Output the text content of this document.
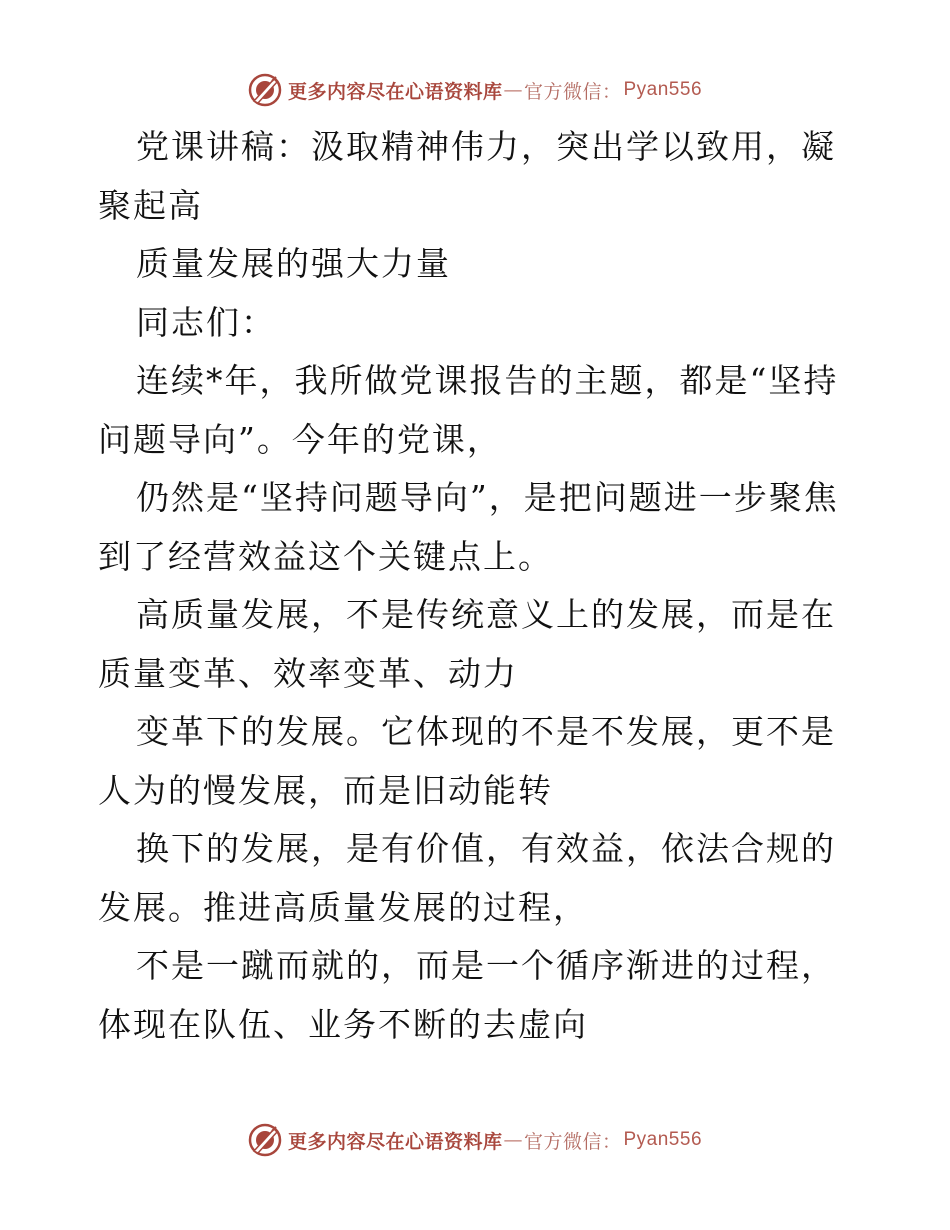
更多内容尽在心语资料库 — 官方微信： Pyan556

党课讲稿：汲取精神伟力，突出学以致用，凝聚起高

质量发展的强大力量

同志们：

连续*年，我所做党课报告的主题，都是“坚持问题导向”。今年的党课，

仍然是“坚持问题导向”，是把问题进一步聚焦到了经营效益这个关键点上。

高质量发展，不是传统意义上的发展，而是在质量变革、效率变革、动力

变革下的发展。它体现的不是不发展，更不是人为的慢发展，而是旧动能转

换下的发展，是有价值，有效益，依法合规的发展。推进高质量发展的过程，

不是一蹴而就的，而是一个循序渐进的过程，体现在队伍、业务不断的去虚向

更多内容尽在心语资料库 — 官方微信： Pyan556
